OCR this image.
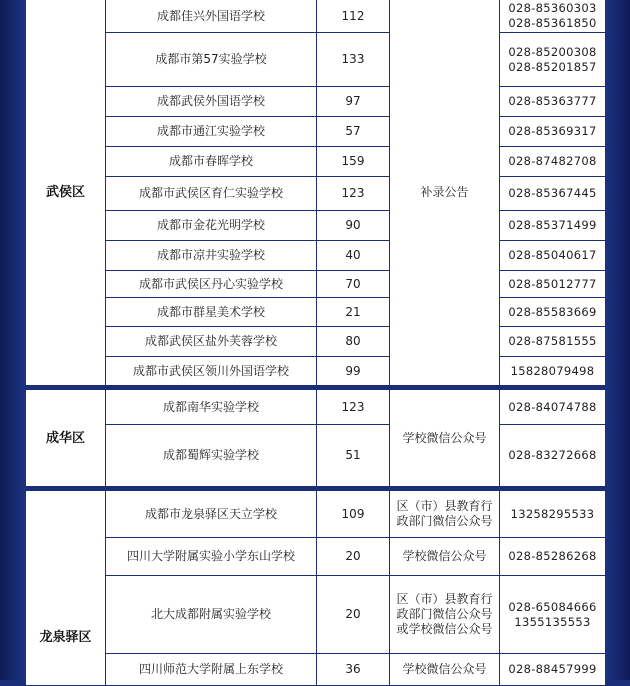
武侯区	成都佳兴外国语学校	112	补录公告	028-85360303
028-85361850

	成都市第57实验学校	133		028-85200308
028-85201857

	成都武侯外国语学校	97		028-85363777
	成都市通江实验学校	57		028-85369317
	成都市春晖学校	159		028-87482708
	成都市武侯区育仁实验学校	123		028-85367445
	成都市金花光明学校	90		028-85371499
	成都市凉井实验学校	40		028-85040617
	成都市武侯区丹心实验学校	70		028-85012777
	成都市群星美术学校	21		028-85583669
	成都武侯区盐外芙蓉学校	80		028-87581555
	成都市武侯区领川外国语学校	99		15828079498

成华区	成都南华实验学校	123	学校微信公众号	028-84074788
	成都蜀辉实验学校	51		028-83272668

龙泉驿区	成都市龙泉驿区天立学校	109	区（市）县教育行政部门微信公众号	13258295533
	四川大学附属实验小学东山学校	20	学校微信公众号	028-85286268
	北大成都附属实验学校	20	区（市）县教育行政部门微信公众号或学校微信公众号	028-65084666
1355135553

	四川师范大学附属上东学校	36	学校微信公众号	028-88457999
